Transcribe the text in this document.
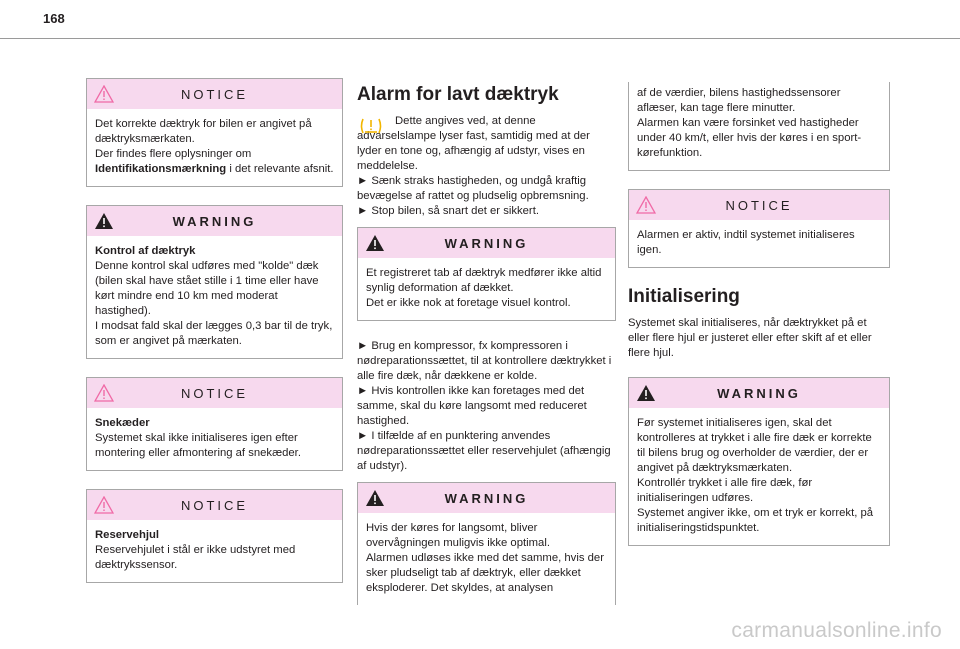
168
NOTICE
Det korrekte dæktryk for bilen er angivet på dæktryksmærkaten.
Der findes flere oplysninger om Identifikationsmærkning i det relevante afsnit.
WARNING
Kontrol af dæktryk
Denne kontrol skal udføres med "kolde" dæk (bilen skal have stået stille i 1 time eller have kørt mindre end 10 km med moderat hastighed).
I modsat fald skal der lægges 0,3 bar til de tryk, som er angivet på mærkaten.
NOTICE
Snekæder
Systemet skal ikke initialiseres igen efter montering eller afmontering af snekæder.
NOTICE
Reservehjul
Reservehjulet i stål er ikke udstyret med dæktrykssensor.
Alarm for lavt dæktryk

Dette angives ved, at denne advarselslampe lyser fast, samtidig med at der lyder en tone og, afhængig af udstyr, vises en meddelelse.

► Sænk straks hastigheden, og undgå kraftig bevægelse af rattet og pludselig opbremsning.

► Stop bilen, så snart det er sikkert.

WARNING
Et registreret tab af dæktryk medfører ikke altid synlig deformation af dækket.
Det er ikke nok at foretage visuel kontrol.

► Brug en kompressor, fx kompressoren i nødreparationssættet, til at kontrollere dæktrykket i alle fire dæk, når dækkene er kolde.

► Hvis kontrollen ikke kan foretages med det samme, skal du køre langsomt med reduceret hastighed.

► I tilfælde af en punktering anvendes nødreparationssættet eller reservehjulet (afhængig af udstyr).

WARNING
Hvis der køres for langsomt, bliver overvågningen muligvis ikke optimal.
Alarmen udløses ikke med det samme, hvis der sker pludseligt tab af dæktryk, eller dækket eksploderer. Det skyldes, at analysen
af de værdier, bilens hastighedssensorer aflæser, kan tage flere minutter.
Alarmen kan være forsinket ved hastigheder under 40 km/t, eller hvis der køres i en sport-kørefunktion.
NOTICE
Alarmen er aktiv, indtil systemet initialiseres igen.
Initialisering

Systemet skal initialiseres, når dæktrykket på et eller flere hjul er justeret eller efter skift af et eller flere hjul.

WARNING
Før systemet initialiseres igen, skal det kontrolleres at trykket i alle fire dæk er korrekte til bilens brug og overholder de værdier, der er angivet på dæktryksmærkaten.
Kontrollér trykket i alle fire dæk, før initialiseringen udføres.
Systemet angiver ikke, om et tryk er korrekt, på initialiseringstidspunktet.
carmanualsonline.info
